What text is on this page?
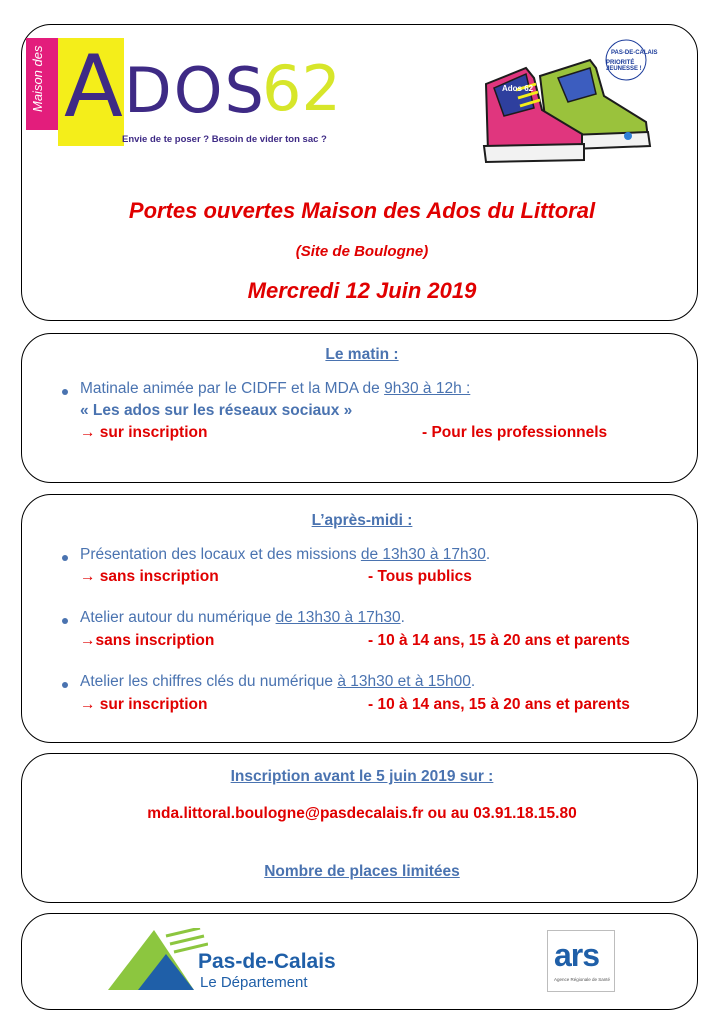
Maison des A DOS
62
Envie de te poser ? Besoin de vider ton sac ?
Ados 62
PAS-DE-CALAIS
PRIORITÉ JEUNESSE !
Portes ouvertes Maison des Ados du Littoral
(Site de Boulogne)
Mercredi 12 Juin 2019
Le matin :
Matinale animée par le CIDFF et la MDA de 9h30 à 12h :
« Les ados sur les réseaux sociaux »
→ sur inscription	- Pour les professionnels
L’après-midi :
Présentation des locaux et des missions de 13h30 à 17h30.
→ sans inscription	- Tous publics
Atelier autour du numérique de 13h30 à 17h30.
→sans inscription	- 10 à 14 ans, 15 à 20 ans et parents
Atelier les chiffres clés du numérique à 13h30 et à 15h00.
→ sur inscription	- 10 à 14 ans, 15 à 20 ans et parents
Inscription avant le 5 juin 2019 sur :
mda.littoral.boulogne@pasdecalais.fr ou au 03.91.18.15.80
Nombre de places limitées
Pas-de-Calais
Le Département
ars
Agence Régionale de Santé
